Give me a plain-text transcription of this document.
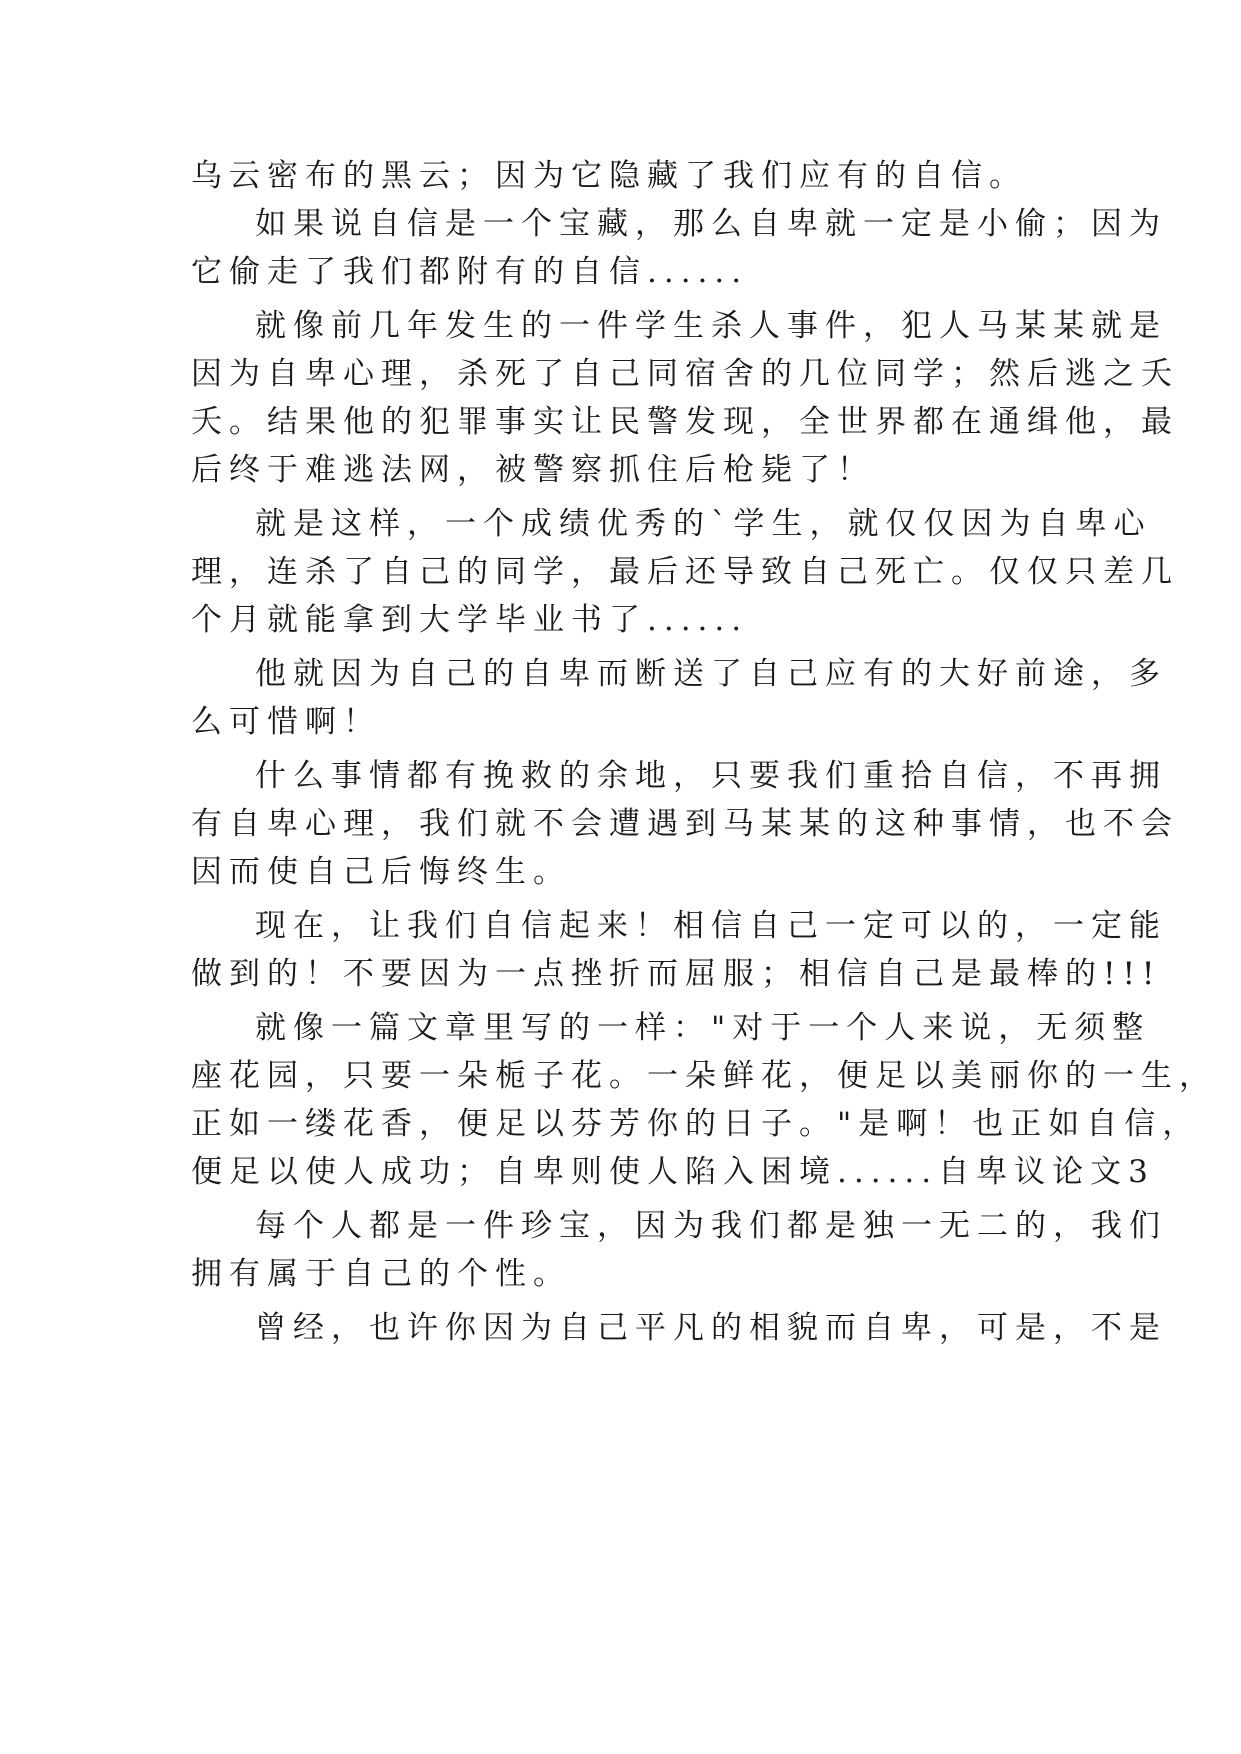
乌云密布的黑云；因为它隐藏了我们应有的自信。
如果说自信是一个宝藏，那么自卑就一定是小偷；因为
它偷走了我们都附有的自信......
就像前几年发生的一件学生杀人事件，犯人马某某就是
因为自卑心理，杀死了自己同宿舍的几位同学；然后逃之夭
夭。结果他的犯罪事实让民警发现，全世界都在通缉他，最
后终于难逃法网，被警察抓住后枪毙了！
就是这样，一个成绩优秀的`学生，就仅仅因为自卑心
理，连杀了自己的同学，最后还导致自己死亡。仅仅只差几
个月就能拿到大学毕业书了......
他就因为自己的自卑而断送了自己应有的大好前途，多
么可惜啊！
什么事情都有挽救的余地，只要我们重拾自信，不再拥
有自卑心理，我们就不会遭遇到马某某的这种事情，也不会
因而使自己后悔终生。
现在，让我们自信起来！相信自己一定可以的，一定能
做到的！不要因为一点挫折而屈服；相信自己是最棒的!!!
就像一篇文章里写的一样："对于一个人来说，无须整
座花园，只要一朵栀子花。一朵鲜花，便足以美丽你的一生，
正如一缕花香，便足以芬芳你的日子。"是啊！也正如自信，
便足以使人成功；自卑则使人陷入困境......自卑议论文3
每个人都是一件珍宝，因为我们都是独一无二的，我们
拥有属于自己的个性。
曾经，也许你因为自己平凡的相貌而自卑，可是，不是
